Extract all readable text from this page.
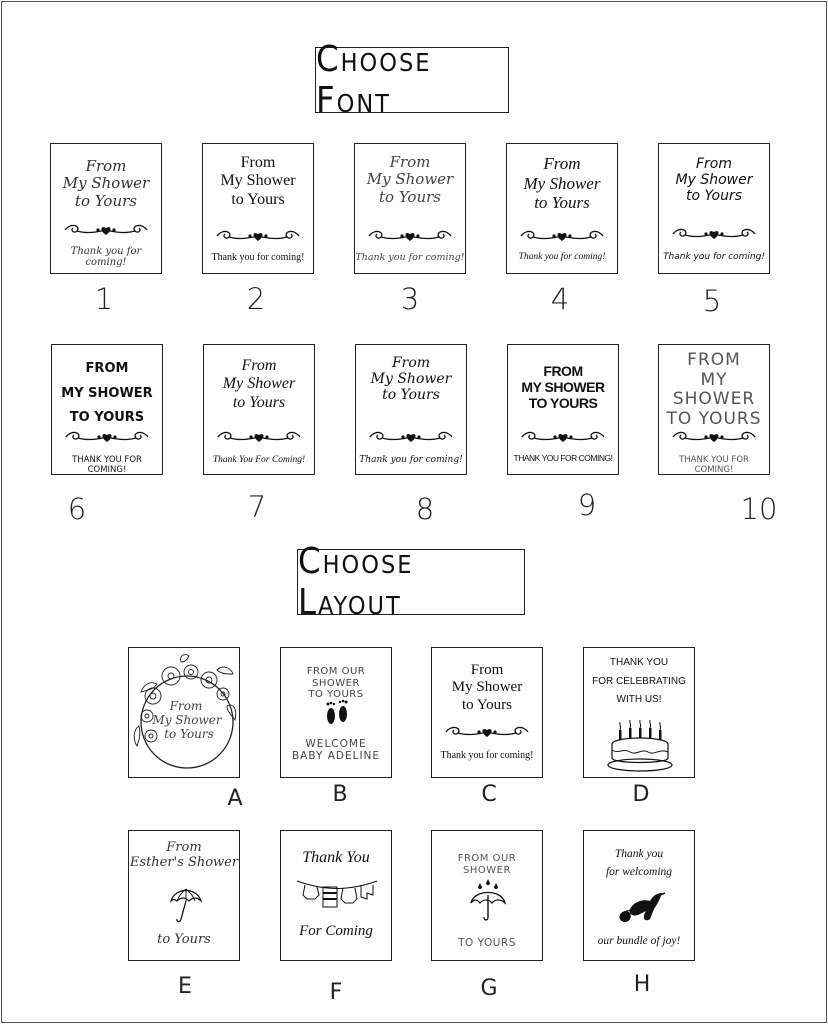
Choose Font
From
My Shower
to Yours
Thank you for coming!
1
From
My Shower
to Yours
Thank you for coming!
2
From
My Shower
to Yours
Thank you for coming!
3
From
My Shower
to Yours
Thank you for coming!
4
From
My Shower
to Yours
Thank you for coming!
5
FROM
MY SHOWER
TO YOURS
THANK YOU FOR COMING!
6
From
My Shower
to Yours
Thank You For Coming!
7
From
My Shower
to Yours
Thank you for coming!
8
FROM
MY SHOWER
TO YOURS
THANK YOU FOR COMING!
9
FROM
MY SHOWER
TO YOURS
THANK YOU FOR COMING!
10
Choose Layout
From
My Shower
to Yours
A
FROM OUR SHOWER
TO YOURS
WELCOME
BABY ADELINE
B
From
My Shower
to Yours
Thank you for coming!
C
THANK YOU
FOR CELEBRATING
WITH US!
D
From
Esther's Shower
to Yours
E
Thank You
For Coming
F
FROM OUR SHOWER
TO YOURS
G
Thank you
for welcoming
our bundle of joy!
H
